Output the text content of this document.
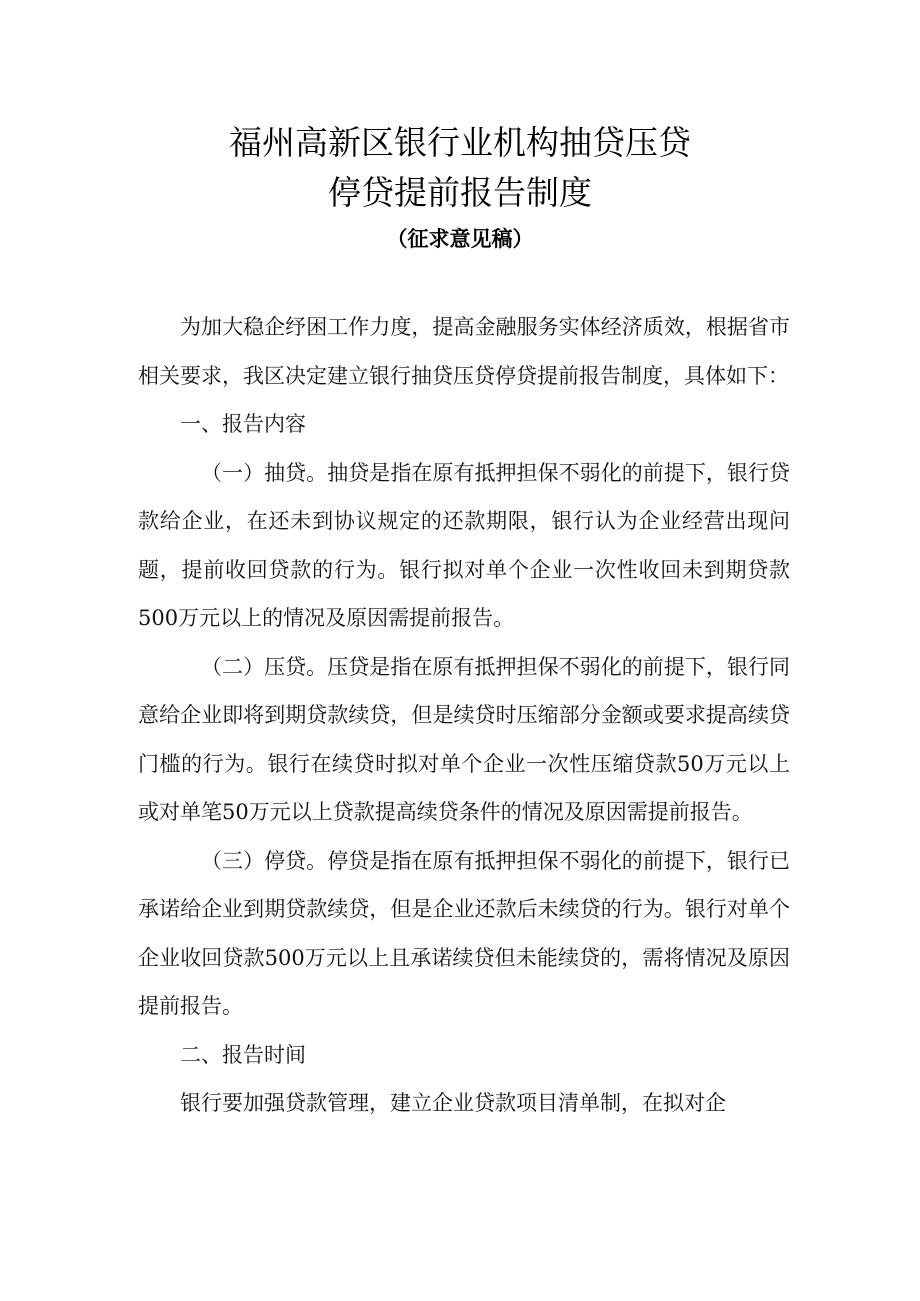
福州高新区银行业机构抽贷压贷
停贷提前报告制度
（征求意见稿）

为加大稳企纾困工作力度，提高金融服务实体经济质效，根据省市相关要求，我区决定建立银行抽贷压贷停贷提前报告制度，具体如下：

一、报告内容

（一）抽贷。抽贷是指在原有抵押担保不弱化的前提下，银行贷款给企业，在还未到协议规定的还款期限，银行认为企业经营出现问题，提前收回贷款的行为。银行拟对单个企业一次性收回未到期贷款500万元以上的情况及原因需提前报告。

（二）压贷。压贷是指在原有抵押担保不弱化的前提下，银行同意给企业即将到期贷款续贷，但是续贷时压缩部分金额或要求提高续贷门槛的行为。银行在续贷时拟对单个企业一次性压缩贷款50万元以上或对单笔50万元以上贷款提高续贷条件的情况及原因需提前报告。

（三）停贷。停贷是指在原有抵押担保不弱化的前提下，银行已承诺给企业到期贷款续贷，但是企业还款后未续贷的行为。银行对单个企业收回贷款500万元以上且承诺续贷但未能续贷的，需将情况及原因提前报告。

二、报告时间

银行要加强贷款管理，建立企业贷款项目清单制，在拟对企
